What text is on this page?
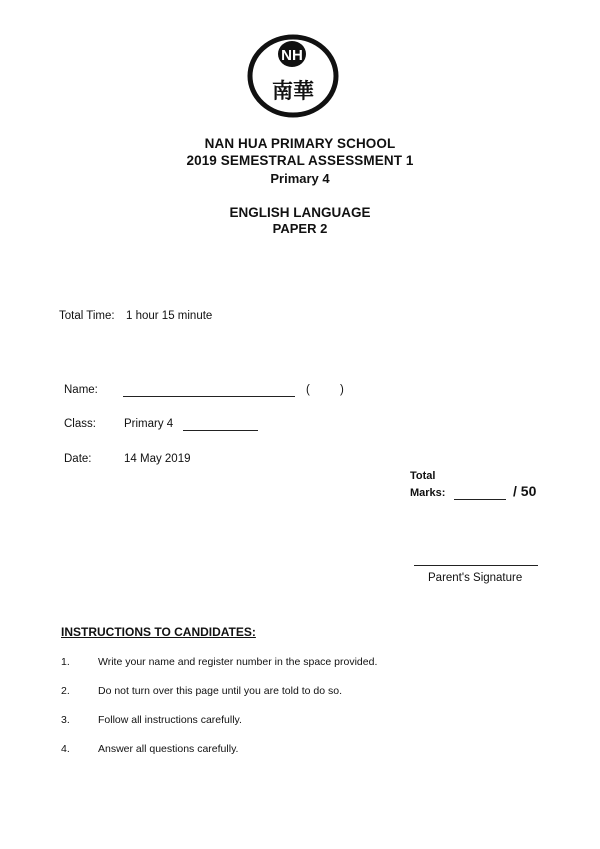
NH
南華
NAN HUA PRIMARY SCHOOL
2019 SEMESTRAL ASSESSMENT 1
Primary 4
ENGLISH LANGUAGE
PAPER 2
Total Time: 1 hour 15 minute
Name:	(	)
Class: Primary 4
Date:	14 May 2019
Total
Marks:	/ 50
Parent's Signature
INSTRUCTIONS TO CANDIDATES:
1.	Write your name and register number in the space provided.
2.	Do not turn over this page until you are told to do so.
3.	Follow all instructions carefully.
4.	Answer all questions carefully.
